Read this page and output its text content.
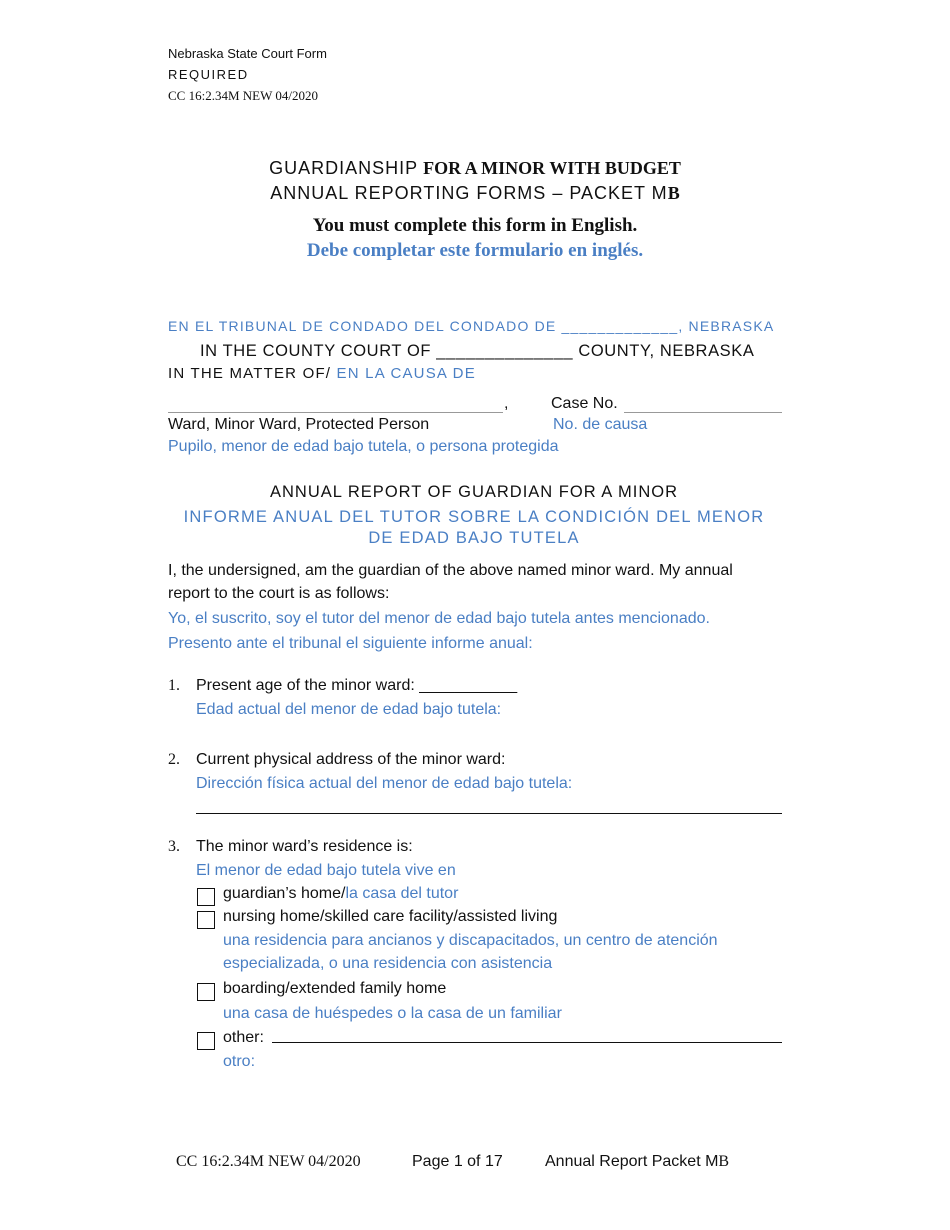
Nebraska State Court Form
REQUIRED
CC 16:2.34M NEW 04/2020
GUARDIANSHIP FOR A MINOR WITH BUDGET
ANNUAL REPORTING FORMS – PACKET MB
You must complete this form in English.
Debe completar este formulario en inglés.
EN EL TRIBUNAL DE CONDADO DEL CONDADO DE _____________, NEBRASKA
IN THE COUNTY COURT OF ______________ COUNTY, NEBRASKA
IN THE MATTER OF/ EN LA CAUSA DE
,	Case No.
Ward, Minor Ward, Protected Person	No. de causa
Pupilo, menor de edad bajo tutela, o persona protegida
ANNUAL REPORT OF GUARDIAN FOR A MINOR
INFORME ANUAL DEL TUTOR SOBRE LA CONDICIÓN DEL MENOR
DE EDAD BAJO TUTELA
I, the undersigned, am the guardian of the above named minor ward. My annual
report to the court is as follows:
Yo, el suscrito, soy el tutor del menor de edad bajo tutela antes mencionado.
Presento ante el tribunal el siguiente informe anual:
1. Present age of the minor ward: ___________
Edad actual del menor de edad bajo tutela:
2. Current physical address of the minor ward:
Dirección física actual del menor de edad bajo tutela:
3. The minor ward’s residence is:
El menor de edad bajo tutela vive en
guardian’s home/la casa del tutor
nursing home/skilled care facility/assisted living
una residencia para ancianos y discapacitados, un centro de atención
especializada, o una residencia con asistencia
boarding/extended family home
una casa de huéspedes o la casa de un familiar
other:
otro:
CC 16:2.34M NEW 04/2020	Page 1 of 17	Annual Report Packet MB
